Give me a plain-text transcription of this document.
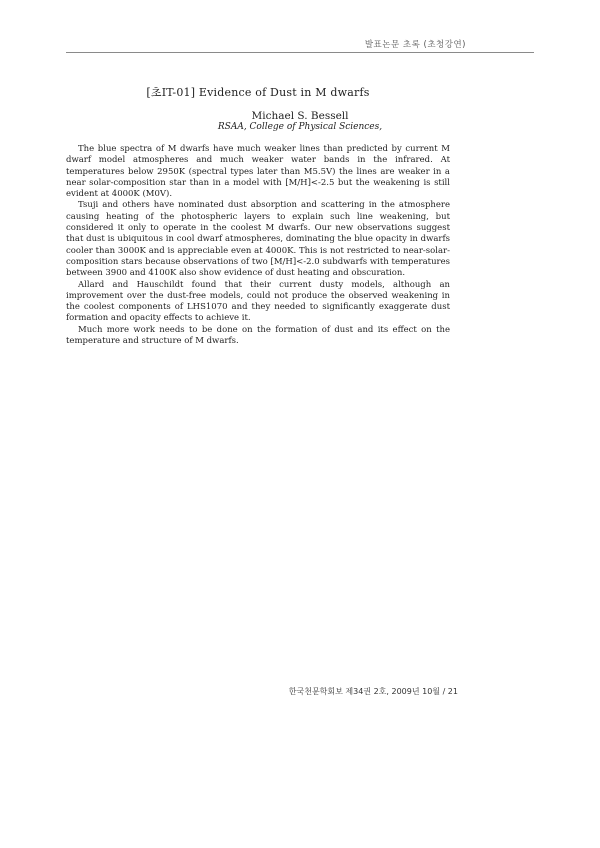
발표논문 초록 (초청강연)
[초IT-01] Evidence of Dust in M dwarfs
Michael S. Bessell
RSAA, College of Physical Sciences,

The blue spectra of M dwarfs have much weaker lines than predicted by current M dwarf model atmospheres and much weaker water bands in the infrared. At temperatures below 2950K (spectral types later than M5.5V) the lines are weaker in a near solar-composition star than in a model with [M/H]<-2.5 but the weakening is still evident at 4000K (M0V).

Tsuji and others have nominated dust absorption and scattering in the atmosphere causing heating of the photospheric layers to explain such line weakening, but considered it only to operate in the coolest M dwarfs. Our new observations suggest that dust is ubiquitous in cool dwarf atmospheres, dominating the blue opacity in dwarfs cooler than 3000K and is appreciable even at 4000K. This is not restricted to near-solar-composition stars because observations of two [M/H]<-2.0 subdwarfs with temperatures between 3900 and 4100K also show evidence of dust heating and obscuration.

Allard and Hauschildt found that their current dusty models, although an improvement over the dust-free models, could not produce the observed weakening in the coolest components of LHS1070 and they needed to significantly exaggerate dust formation and opacity effects to achieve it.

Much more work needs to be done on the formation of dust and its effect on the temperature and structure of M dwarfs.

한국천문학회보 제34권 2호, 2009년 10월 / 21
